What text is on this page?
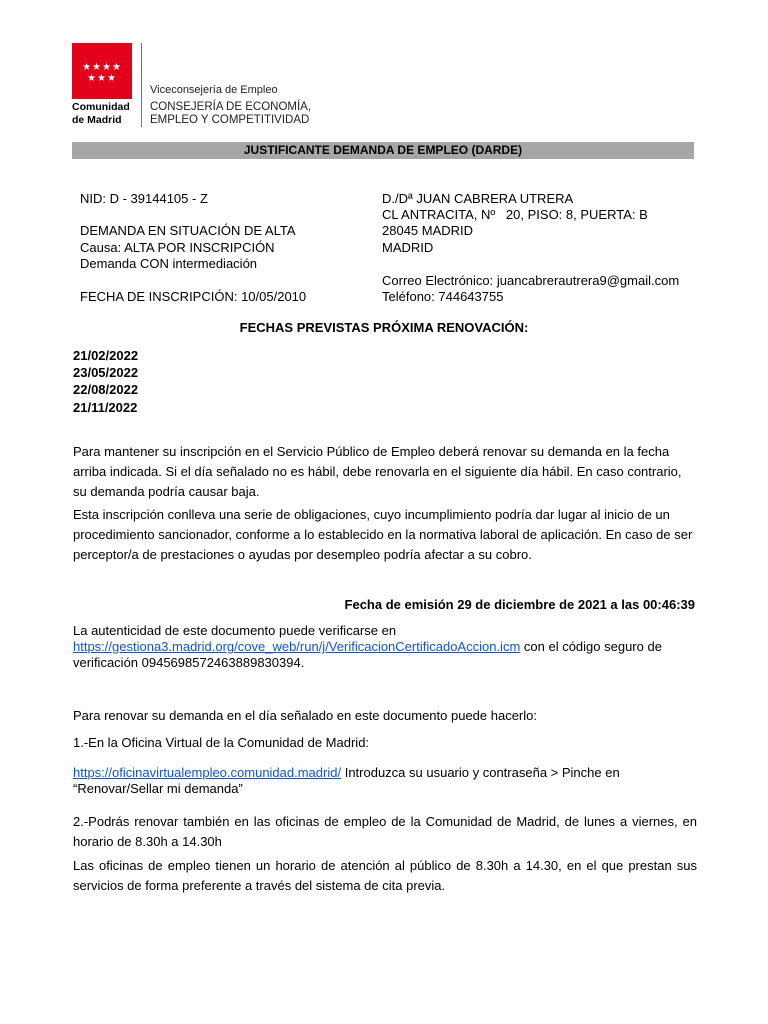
★★★★
★★★
Comunidad
de Madrid
Viceconsejería de Empleo
CONSEJERÍA DE ECONOMÍA,
EMPLEO Y COMPETITIVIDAD
JUSTIFICANTE DEMANDA DE EMPLEO (DARDE)
NID: D - 39144105 - Z
DEMANDA EN SITUACIÓN DE ALTA
Causa: ALTA POR INSCRIPCIÓN
Demanda CON intermediación
FECHA DE INSCRIPCIÓN: 10/05/2010
D./Dª JUAN CABRERA UTRERA
CL ANTRACITA, Nº   20, PISO: 8, PUERTA: B
28045 MADRID
MADRID
Correo Electrónico: juancabrerautrera9@gmail.com
Teléfono: 744643755
FECHAS PREVISTAS PRÓXIMA RENOVACIÓN:
21/02/2022
23/05/2022
22/08/2022
21/11/2022
Para mantener su inscripción en el Servicio Público de Empleo deberá renovar su demanda en la fecha arriba indicada. Si el día señalado no es hábil, debe renovarla en el siguiente día hábil. En caso contrario, su demanda podría causar baja.
Esta inscripción conlleva una serie de obligaciones, cuyo incumplimiento podría dar lugar al inicio de un procedimiento sancionador, conforme a lo establecido en la normativa laboral de aplicación. En caso de ser perceptor/a de prestaciones o ayudas por desempleo podría afectar a su cobro.
Fecha de emisión 29 de diciembre de 2021 a las 00:46:39
La autenticidad de este documento puede verificarse en
https://gestiona3.madrid.org/cove_web/run/j/VerificacionCertificadoAccion.icm con el código seguro de
verificación 0945698572463889830394.
Para renovar su demanda en el día señalado en este documento puede hacerlo:
1.-En la Oficina Virtual de la Comunidad de Madrid:
https://oficinavirtualempleo.comunidad.madrid/ Introduzca su usuario y contraseña > Pinche en
“Renovar/Sellar mi demanda”
2.-Podrás renovar también en las oficinas de empleo de la Comunidad de Madrid, de lunes a viernes, en horario de 8.30h a 14.30h
Las oficinas de empleo tienen un horario de atención al público de 8.30h a 14.30, en el que prestan sus servicios de forma preferente a través del sistema de cita previa.
